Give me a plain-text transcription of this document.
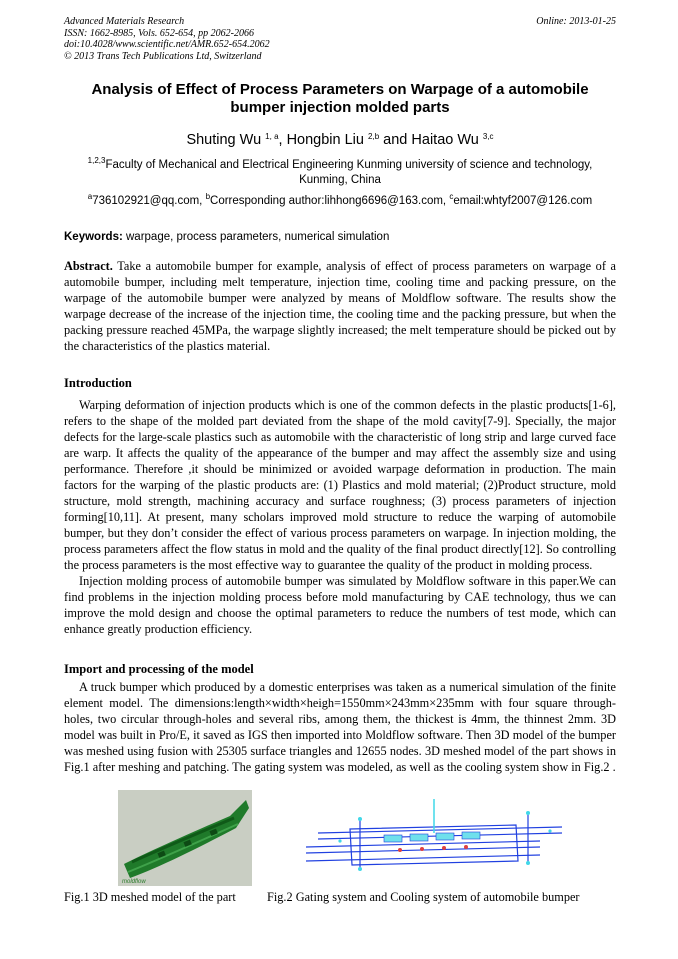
Advanced Materials Research
ISSN: 1662-8985, Vols. 652-654, pp 2062-2066
doi:10.4028/www.scientific.net/AMR.652-654.2062
© 2013 Trans Tech Publications Ltd, Switzerland
Online: 2013-01-25
Analysis of Effect of Process Parameters on Warpage of a automobile bumper injection molded parts
Shuting Wu $^{1, a}$, Hongbin Liu $^{2,b}$ and Haitao Wu $^{3,c}$
$^{1,2,3}$Faculty of Mechanical and Electrical Engineering Kunming university of science and technology, Kunming, China
$^a$736102921@qq.com, $^b$Corresponding author:lihhong6696@163.com, $^c$email:whtyf2007@126.com
Keywords: warpage, process parameters, numerical simulation
Abstract. Take a automobile bumper for example, analysis of effect of process parameters on warpage of a automobile bumper, including melt temperature, injection time, cooling time and packing pressure, on the warpage of the automobile bumper were analyzed by means of Moldflow software. The results show the warpage decrease of the increase of the injection time, the cooling time and the packing pressure, but when the packing pressure reached 45MPa, the warpage slightly increased; the melt temperature should be picked out by the characteristics of the plastics material.
Introduction

Warping deformation of injection products which is one of the common defects in the plastic products[1-6], refers to the shape of the molded part deviated from the shape of the mold cavity[7-9]. Specially, the major defects for the large-scale plastics such as automobile with the characteristic of long strip and large curved face are warp. It affects the quality of the appearance of the bumper and may affect the assembly size and using performance. Therefore ,it should be minimized or avoided warpage deformation in production. The main factors for the warping of the plastic products are: (1) Plastics and mold material; (2)Product structure, mold structure, mold strength, machining accuracy and surface roughness; (3) process parameters of injection forming[10,11]. At present, many scholars improved mold structure to reduce the warping of automobile bumper, but they don’t consider the effect of various process parameters on warpage. In injection molding, the process parameters affect the flow status in mold and the quality of the final product directly[12]. So controlling the process parameters is the most effective way to guarantee the quality of the product in molding process.

Injection molding process of automobile bumper was simulated by Moldflow software in this paper.We can find problems in the injection molding process before mold manufacturing by CAE technology, thus we can improve the mold design and choose the optimal parameters to reduce the numbers of test mode, which can enhance greatly production efficiency.

Import and processing of the model

A truck bumper which produced by a domestic enterprises was taken as a numerical simulation of the finite element model. The dimensions:length×width×heigh=1550mm×243mm×235mm with four square through-holes, two circular through-holes and several ribs, among them, the thickest is 4mm, the thinnest 2mm. 3D model was built in Pro/E, it saved as IGS then imported into Moldflow software. Then 3D model of the bumper was meshed using fusion with 25305 surface triangles and 12655 nodes. 3D meshed model of the part shows in Fig.1 after meshing and patching. The gating system was modeled, as well as the cooling system show in Fig.2 .

moldflow
Fig.1 3D meshed model of the part	Fig.2 Gating system and Cooling system of automobile bumper
